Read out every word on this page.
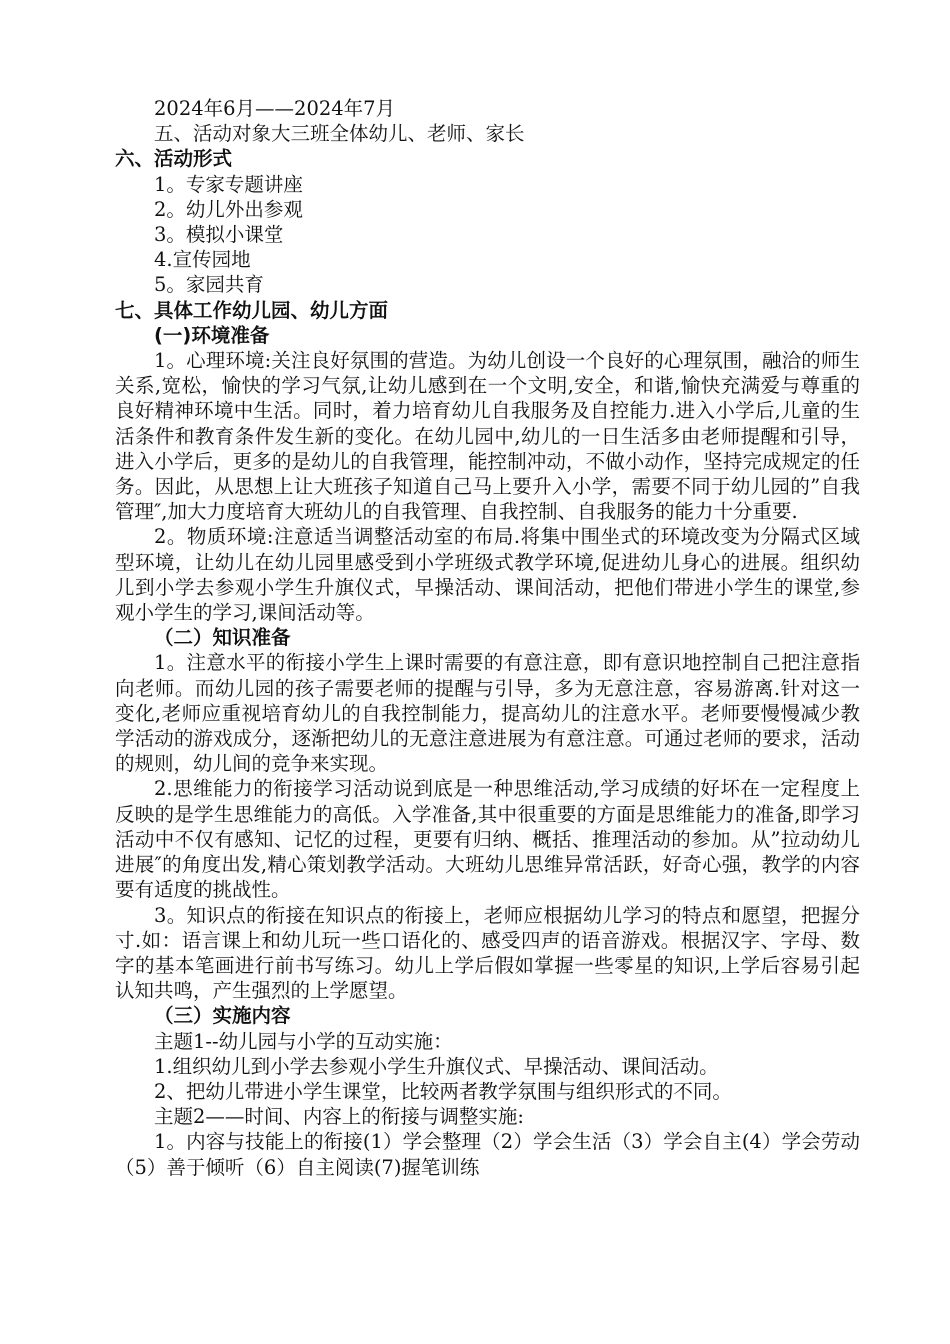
2024年6月——2024年7月

五、活动对象大三班全体幼儿、老师、家长

六、活动形式

1。专家专题讲座

2。幼儿外出参观

3。模拟小课堂

4.宣传园地

5。家园共育

七、具体工作幼儿园、幼儿方面

(一)环境准备

1。心理环境:关注良好氛围的营造。为幼儿创设一个良好的心理氛围，融洽的师生关系,宽松，愉快的学习气氛,让幼儿感到在一个文明,安全，和谐,愉快充满爱与尊重的良好精神环境中生活。同时，着力培育幼儿自我服务及自控能力.进入小学后,儿童的生活条件和教育条件发生新的变化。在幼儿园中,幼儿的一日生活多由老师提醒和引导，进入小学后，更多的是幼儿的自我管理，能控制冲动，不做小动作，坚持完成规定的任务。因此，从思想上让大班孩子知道自己马上要升入小学，需要不同于幼儿园的”自我管理″,加大力度培育大班幼儿的自我管理、自我控制、自我服务的能力十分重要.

2。物质环境:注意适当调整活动室的布局.将集中围坐式的环境改变为分隔式区域型环境，让幼儿在幼儿园里感受到小学班级式教学环境,促进幼儿身心的进展。组织幼儿到小学去参观小学生升旗仪式，早操活动、课间活动，把他们带进小学生的课堂,参观小学生的学习,课间活动等。

（二）知识准备

1。注意水平的衔接小学生上课时需要的有意注意，即有意识地控制自己把注意指向老师。而幼儿园的孩子需要老师的提醒与引导，多为无意注意，容易游离.针对这一变化,老师应重视培育幼儿的自我控制能力，提高幼儿的注意水平。老师要慢慢减少教学活动的游戏成分，逐渐把幼儿的无意注意进展为有意注意。可通过老师的要求，活动的规则，幼儿间的竞争来实现。

2.思维能力的衔接学习活动说到底是一种思维活动,学习成绩的好坏在一定程度上反映的是学生思维能力的高低。入学准备,其中很重要的方面是思维能力的准备,即学习活动中不仅有感知、记忆的过程，更要有归纳、概括、推理活动的参加。从”拉动幼儿进展″的角度出发,精心策划教学活动。大班幼儿思维异常活跃，好奇心强，教学的内容要有适度的挑战性。

3。知识点的衔接在知识点的衔接上，老师应根据幼儿学习的特点和愿望，把握分寸.如：语言课上和幼儿玩一些口语化的、感受四声的语音游戏。根据汉字、字母、数字的基本笔画进行前书写练习。幼儿上学后假如掌握一些零星的知识,上学后容易引起认知共鸣，产生强烈的上学愿望。

（三）实施内容

主题1--幼儿园与小学的互动实施：

1.组织幼儿到小学去参观小学生升旗仪式、早操活动、课间活动。

2、把幼儿带进小学生课堂，比较两者教学氛围与组织形式的不同。

主题2——时间、内容上的衔接与调整实施:

1。内容与技能上的衔接(1）学会整理（2）学会生活（3）学会自主(4）学会劳动 （5）善于倾听（6）自主阅读(7)握笔训练
